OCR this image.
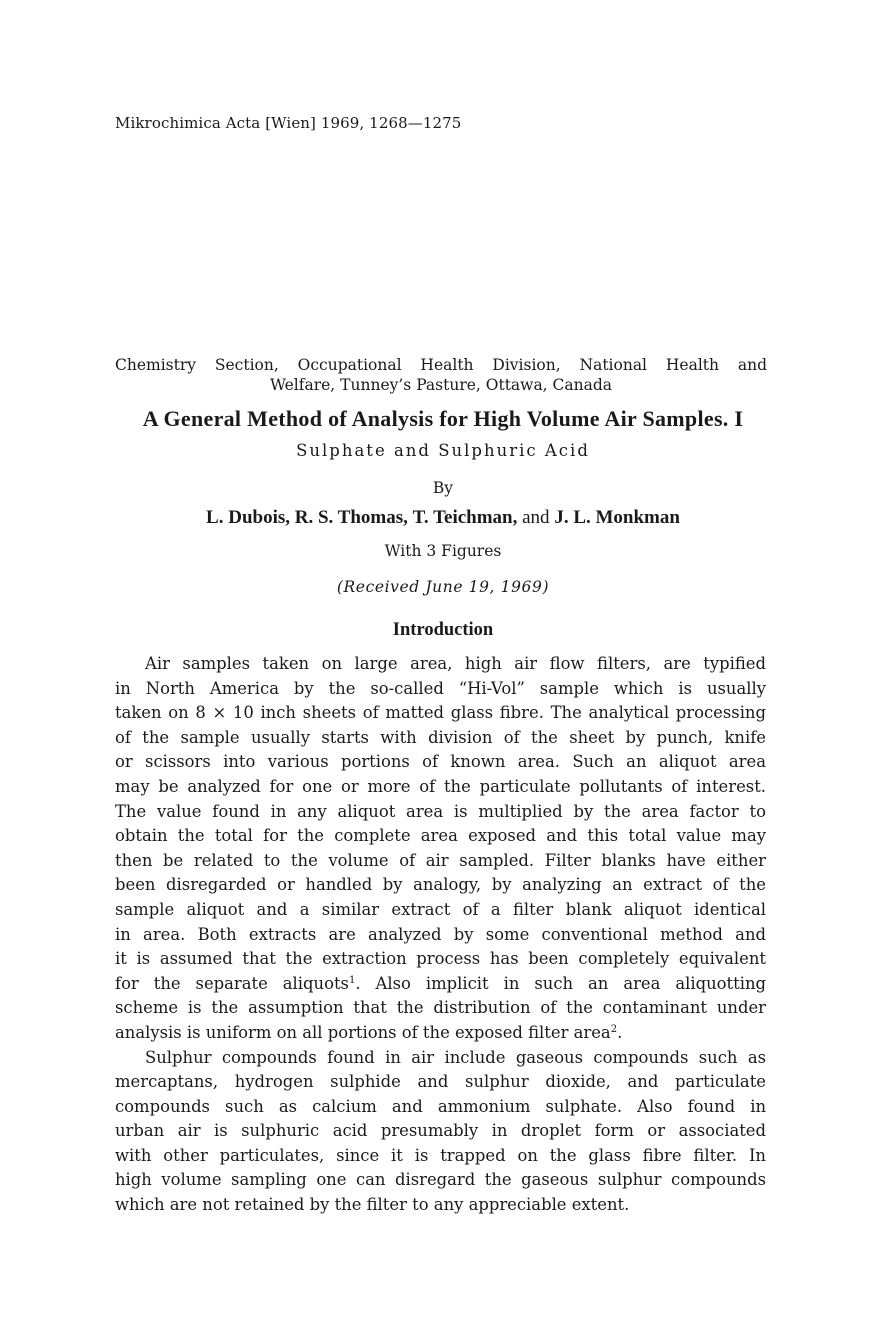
Mikrochimica Acta [Wien] 1969, 1268—1275
Chemistry Section, Occupational Health Division, National Health and
Welfare, Tunney’s Pasture, Ottawa, Canada
A General Method of Analysis for High Volume Air Samples. I
Sulphate and Sulphuric Acid
By
L. Dubois, R. S. Thomas, T. Teichman, and J. L. Monkman
With 3 Figures
(Received June 19, 1969)
Introduction
Air samples taken on large area, high air flow filters, are typified
in North America by the so-called “Hi-Vol” sample which is usually
taken on 8 × 10 inch sheets of matted glass fibre. The analytical processing
of the sample usually starts with division of the sheet by punch, knife
or scissors into various portions of known area. Such an aliquot area
may be analyzed for one or more of the particulate pollutants of interest.
The value found in any aliquot area is multiplied by the area factor to
obtain the total for the complete area exposed and this total value may
then be related to the volume of air sampled. Filter blanks have either
been disregarded or handled by analogy, by analyzing an extract of the
sample aliquot and a similar extract of a filter blank aliquot identical
in area. Both extracts are analyzed by some conventional method and
it is assumed that the extraction process has been completely equivalent
for the separate aliquots$^1$. Also implicit in such an area aliquotting
scheme is the assumption that the distribution of the contaminant under
analysis is uniform on all portions of the exposed filter area$^2$.
Sulphur compounds found in air include gaseous compounds such as
mercaptans, hydrogen sulphide and sulphur dioxide, and particulate
compounds such as calcium and ammonium sulphate. Also found in
urban air is sulphuric acid presumably in droplet form or associated
with other particulates, since it is trapped on the glass fibre filter. In
high volume sampling one can disregard the gaseous sulphur compounds
which are not retained by the filter to any appreciable extent.
